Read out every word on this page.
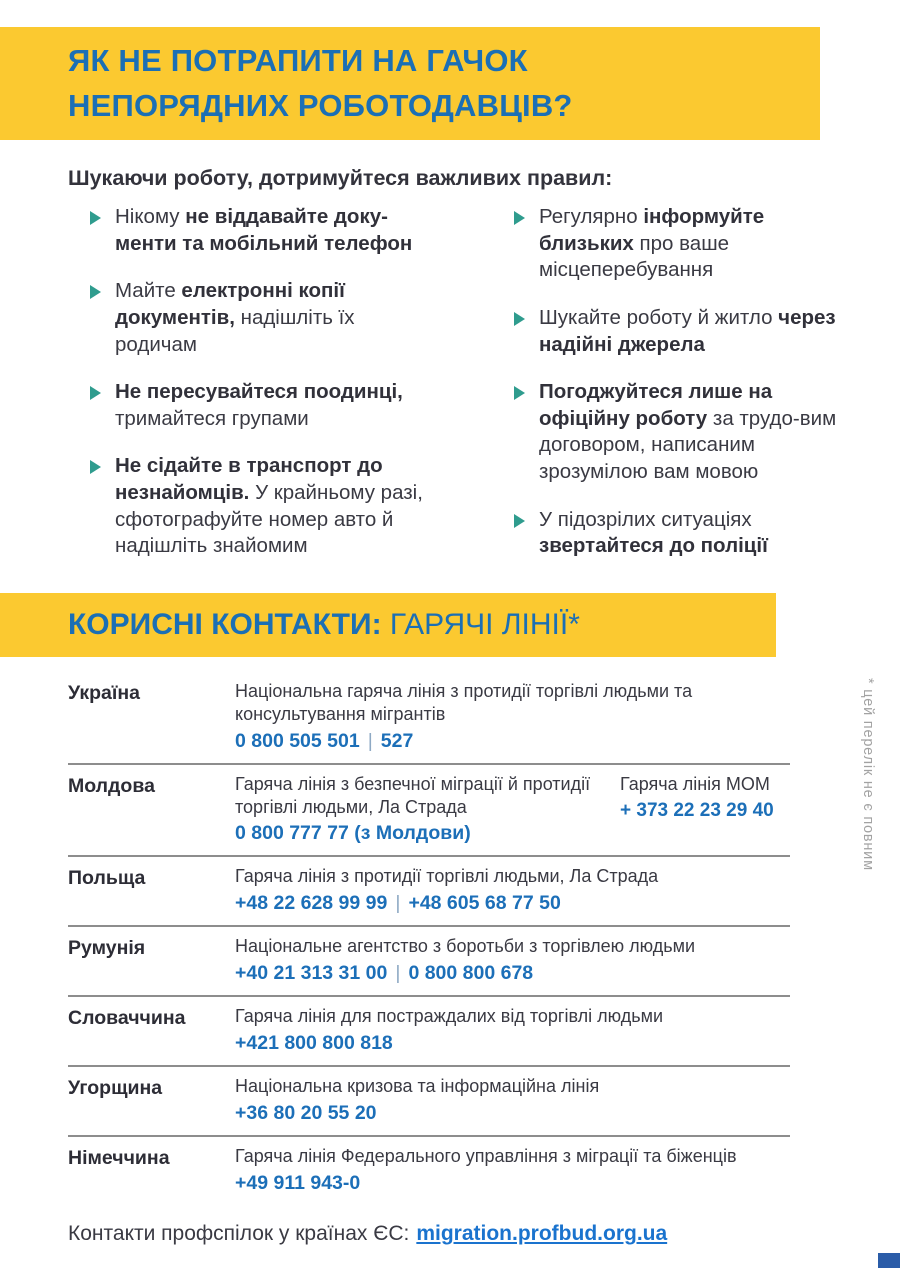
ЯК НЕ ПОТРАПИТИ НА ГАЧОК
НЕПОРЯДНИХ РОБОТОДАВЦІВ?
Шукаючи роботу, дотримуйтеся важливих правил:

Нікому не віддавайте доку-менти та мобільний телефон

Майте електронні копії документів, надішліть їх родичам

Не пересувайтеся поодинці, тримайтеся групами

Не сідайте в транспорт до незнайомців. У крайньому разі, сфотографуйте номер авто й надішліть знайомим

Регулярно інформуйте близьких про ваше місцеперебування

Шукайте роботу й житло через надійні джерела

Погоджуйтеся лише на офіційну роботу за трудо-вим договором, написаним зрозумілою вам мовою

У підозрілих ситуаціях звертайтеся до поліції

КОРИСНІ КОНТАКТИ: ГАРЯЧІ ЛІНІЇ*
Україна	Національна гаряча лінія з протидії торгівлі людьми та консультування мігрантів

0 800 505 501 | 527
Молдова	Гаряча лінія з безпечної міграції й протидії торгівлі людьми, Ла Страда

0 800 777 77 (з Молдови)

Гаряча лінія МОМ

+ 373 22 23 29 40
Польща	Гаряча лінія з протидії торгівлі людьми, Ла Страда

+48 22 628 99 99 | +48 605 68 77 50
Румунія	Національне агентство з боротьби з торгівлею людьми

+40 21 313 31 00 | 0 800 800 678
Словаччина	Гаряча лінія для постраждалих від торгівлі людьми

+421 800 800 818
Угорщина	Національна кризова та інформаційна лінія

+36 80 20 55 20
Німеччина	Гаряча лінія Федерального управління з міграції та біженців

+49 911 943-0
* цей перелік не є повним
Контакти профспілок у країнах ЄС: migration.profbud.org.ua
